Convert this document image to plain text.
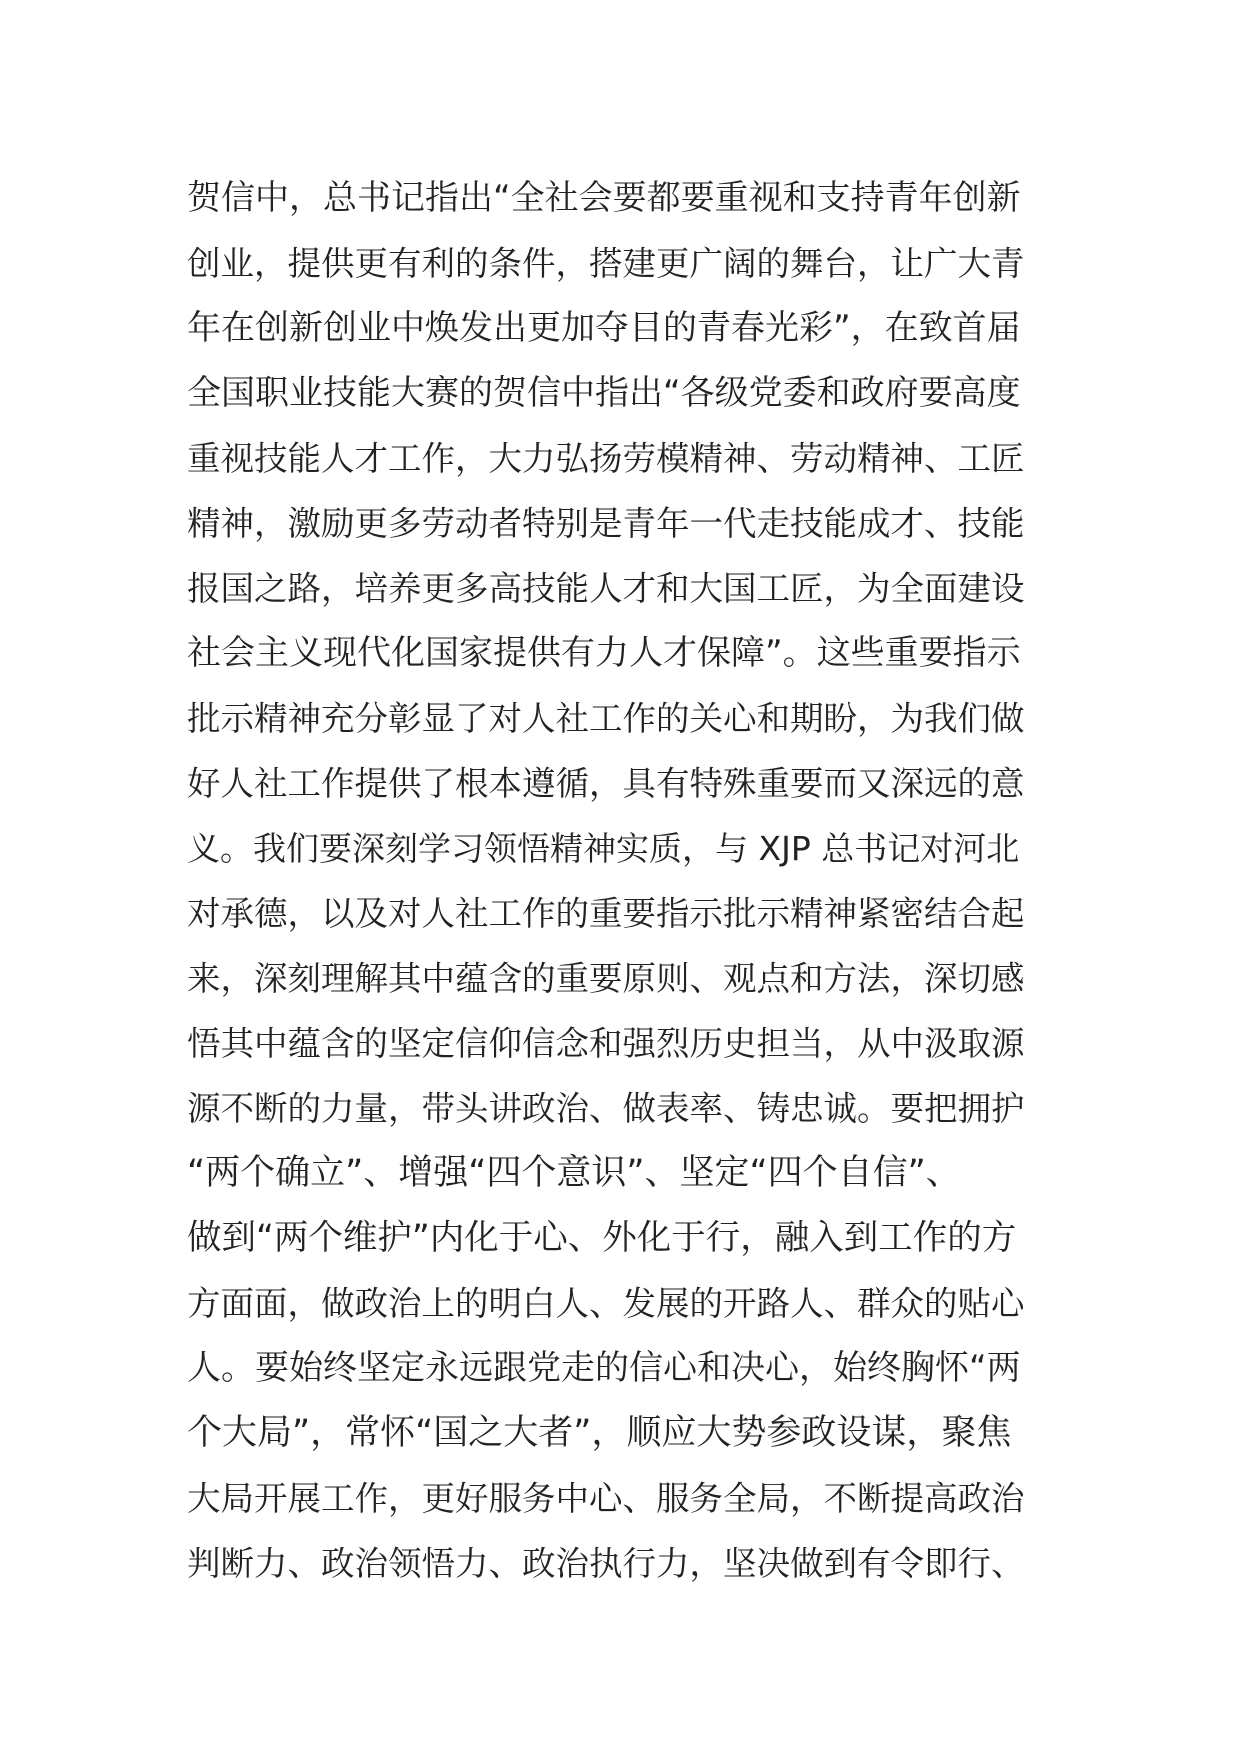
贺信中，总书记指出“全社会要都要重视和支持青年创新
创业，提供更有利的条件，搭建更广阔的舞台，让广大青
年在创新创业中焕发出更加夺目的青春光彩”，在致首届
全国职业技能大赛的贺信中指出“各级党委和政府要高度
重视技能人才工作，大力弘扬劳模精神、劳动精神、工匠
精神，激励更多劳动者特别是青年一代走技能成才、技能
报国之路，培养更多高技能人才和大国工匠，为全面建设
社会主义现代化国家提供有力人才保障”。这些重要指示
批示精神充分彰显了对人社工作的关心和期盼，为我们做
好人社工作提供了根本遵循，具有特殊重要而又深远的意
义。我们要深刻学习领悟精神实质，与 XJP 总书记对河北
对承德，以及对人社工作的重要指示批示精神紧密结合起
来，深刻理解其中蕴含的重要原则、观点和方法，深切感
悟其中蕴含的坚定信仰信念和强烈历史担当，从中汲取源
源不断的力量，带头讲政治、做表率、铸忠诚。要把拥护
“两个确立”、增强“四个意识”、坚定“四个自信”、
做到“两个维护”内化于心、外化于行，融入到工作的方
方面面，做政治上的明白人、发展的开路人、群众的贴心
人。要始终坚定永远跟党走的信心和决心，始终胸怀“两
个大局”，常怀“国之大者”，顺应大势参政设谋，聚焦
大局开展工作，更好服务中心、服务全局，不断提高政治
判断力、政治领悟力、政治执行力，坚决做到有令即行、
